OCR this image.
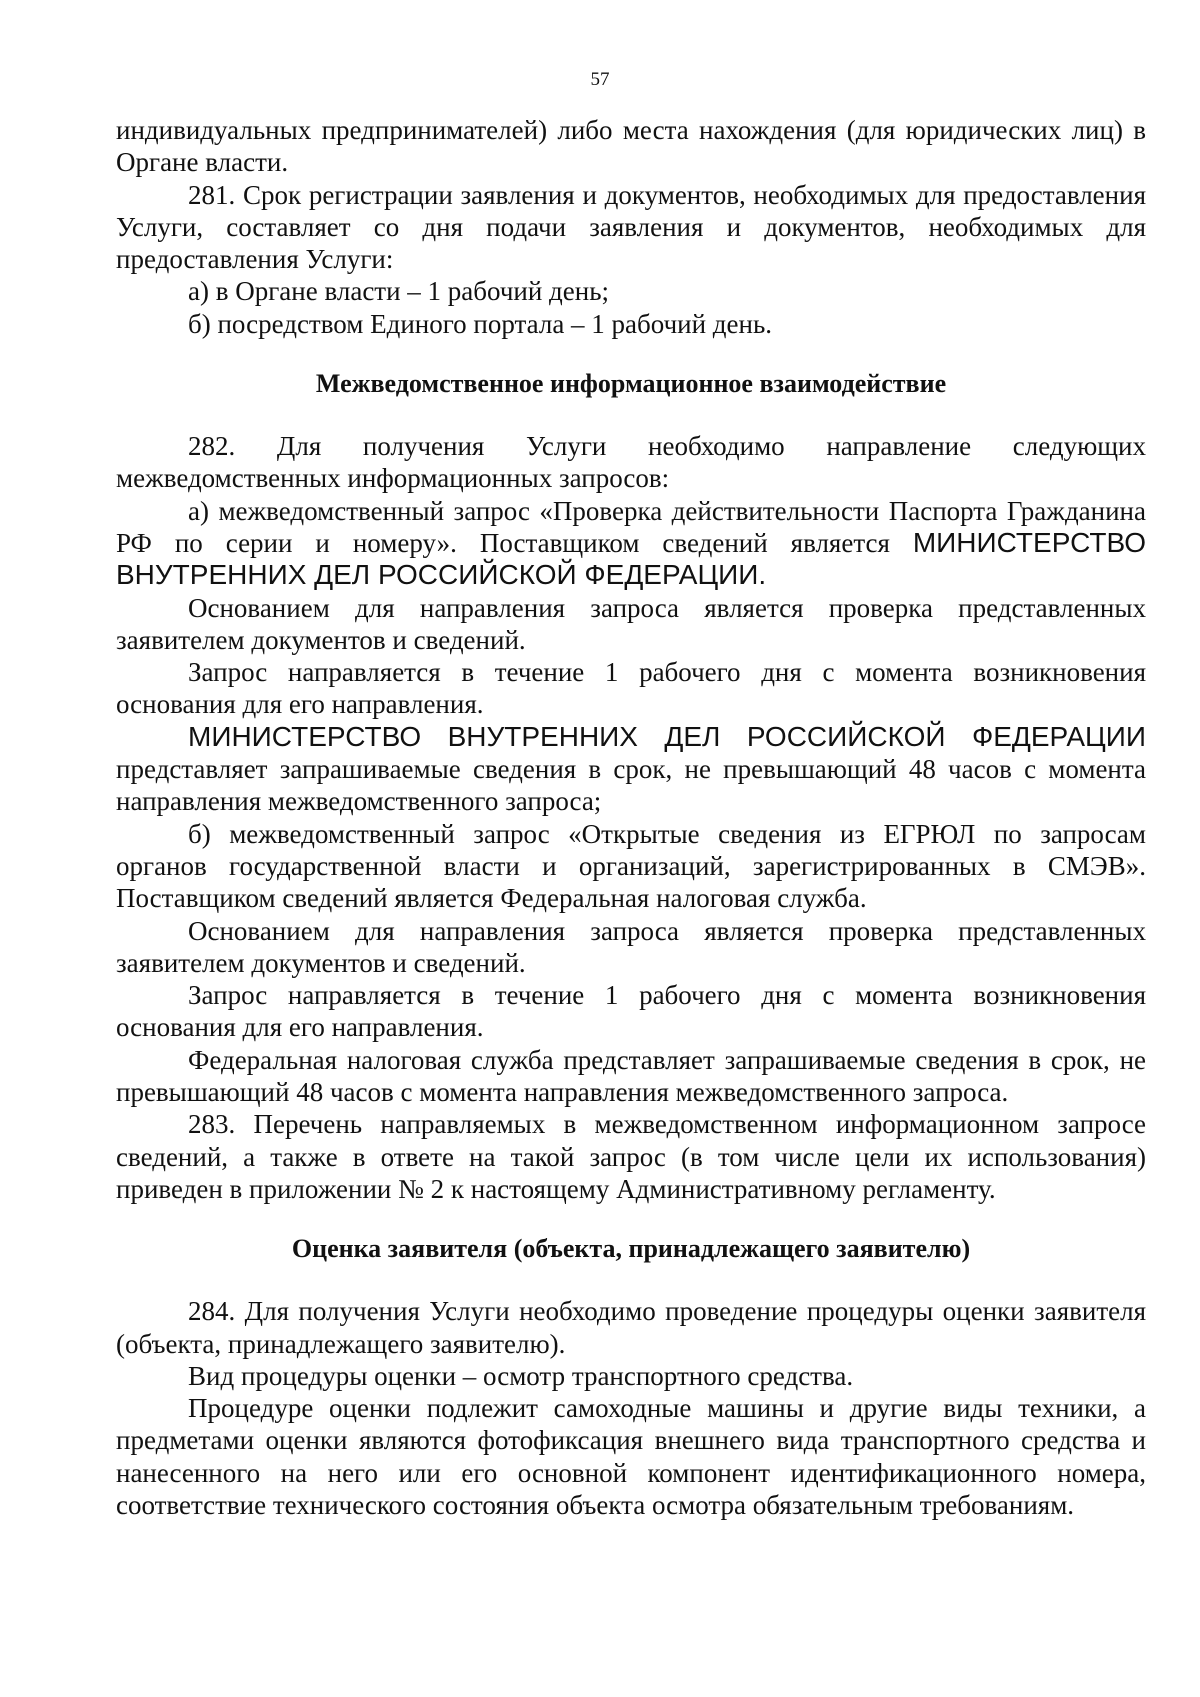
57
индивидуальных предпринимателей) либо места нахождения (для юридических лиц) в Органе власти.
281. Срок регистрации заявления и документов, необходимых для предоставления Услуги, составляет со дня подачи заявления и документов, необходимых для предоставления Услуги:
а) в Органе власти – 1 рабочий день;
б) посредством Единого портала – 1 рабочий день.
Межведомственное информационное взаимодействие
282. Для получения Услуги необходимо направление следующих межведомственных информационных запросов:
а) межведомственный запрос «Проверка действительности Паспорта Гражданина РФ по серии и номеру». Поставщиком сведений является МИНИСТЕРСТВО ВНУТРЕННИХ ДЕЛ РОССИЙСКОЙ ФЕДЕРАЦИИ.
Основанием для направления запроса является проверка представленных заявителем документов и сведений.
Запрос направляется в течение 1 рабочего дня с момента возникновения основания для его направления.
МИНИСТЕРСТВО ВНУТРЕННИХ ДЕЛ РОССИЙСКОЙ ФЕДЕРАЦИИ представляет запрашиваемые сведения в срок, не превышающий 48 часов с момента направления межведомственного запроса;
б) межведомственный запрос «Открытые сведения из ЕГРЮЛ по запросам органов государственной власти и организаций, зарегистрированных в СМЭВ». Поставщиком сведений является Федеральная налоговая служба.
Основанием для направления запроса является проверка представленных заявителем документов и сведений.
Запрос направляется в течение 1 рабочего дня с момента возникновения основания для его направления.
Федеральная налоговая служба представляет запрашиваемые сведения в срок, не превышающий 48 часов с момента направления межведомственного запроса.
283. Перечень направляемых в межведомственном информационном запросе сведений, а также в ответе на такой запрос (в том числе цели их использования) приведен в приложении № 2 к настоящему Административному регламенту.
Оценка заявителя (объекта, принадлежащего заявителю)
284. Для получения Услуги необходимо проведение процедуры оценки заявителя (объекта, принадлежащего заявителю).
Вид процедуры оценки – осмотр транспортного средства.
Процедуре оценки подлежит самоходные машины и другие виды техники, а предметами оценки являются фотофиксация внешнего вида транспортного средства и нанесенного на него или его основной компонент идентификационного номера, соответствие технического состояния объекта осмотра обязательным требованиям.
